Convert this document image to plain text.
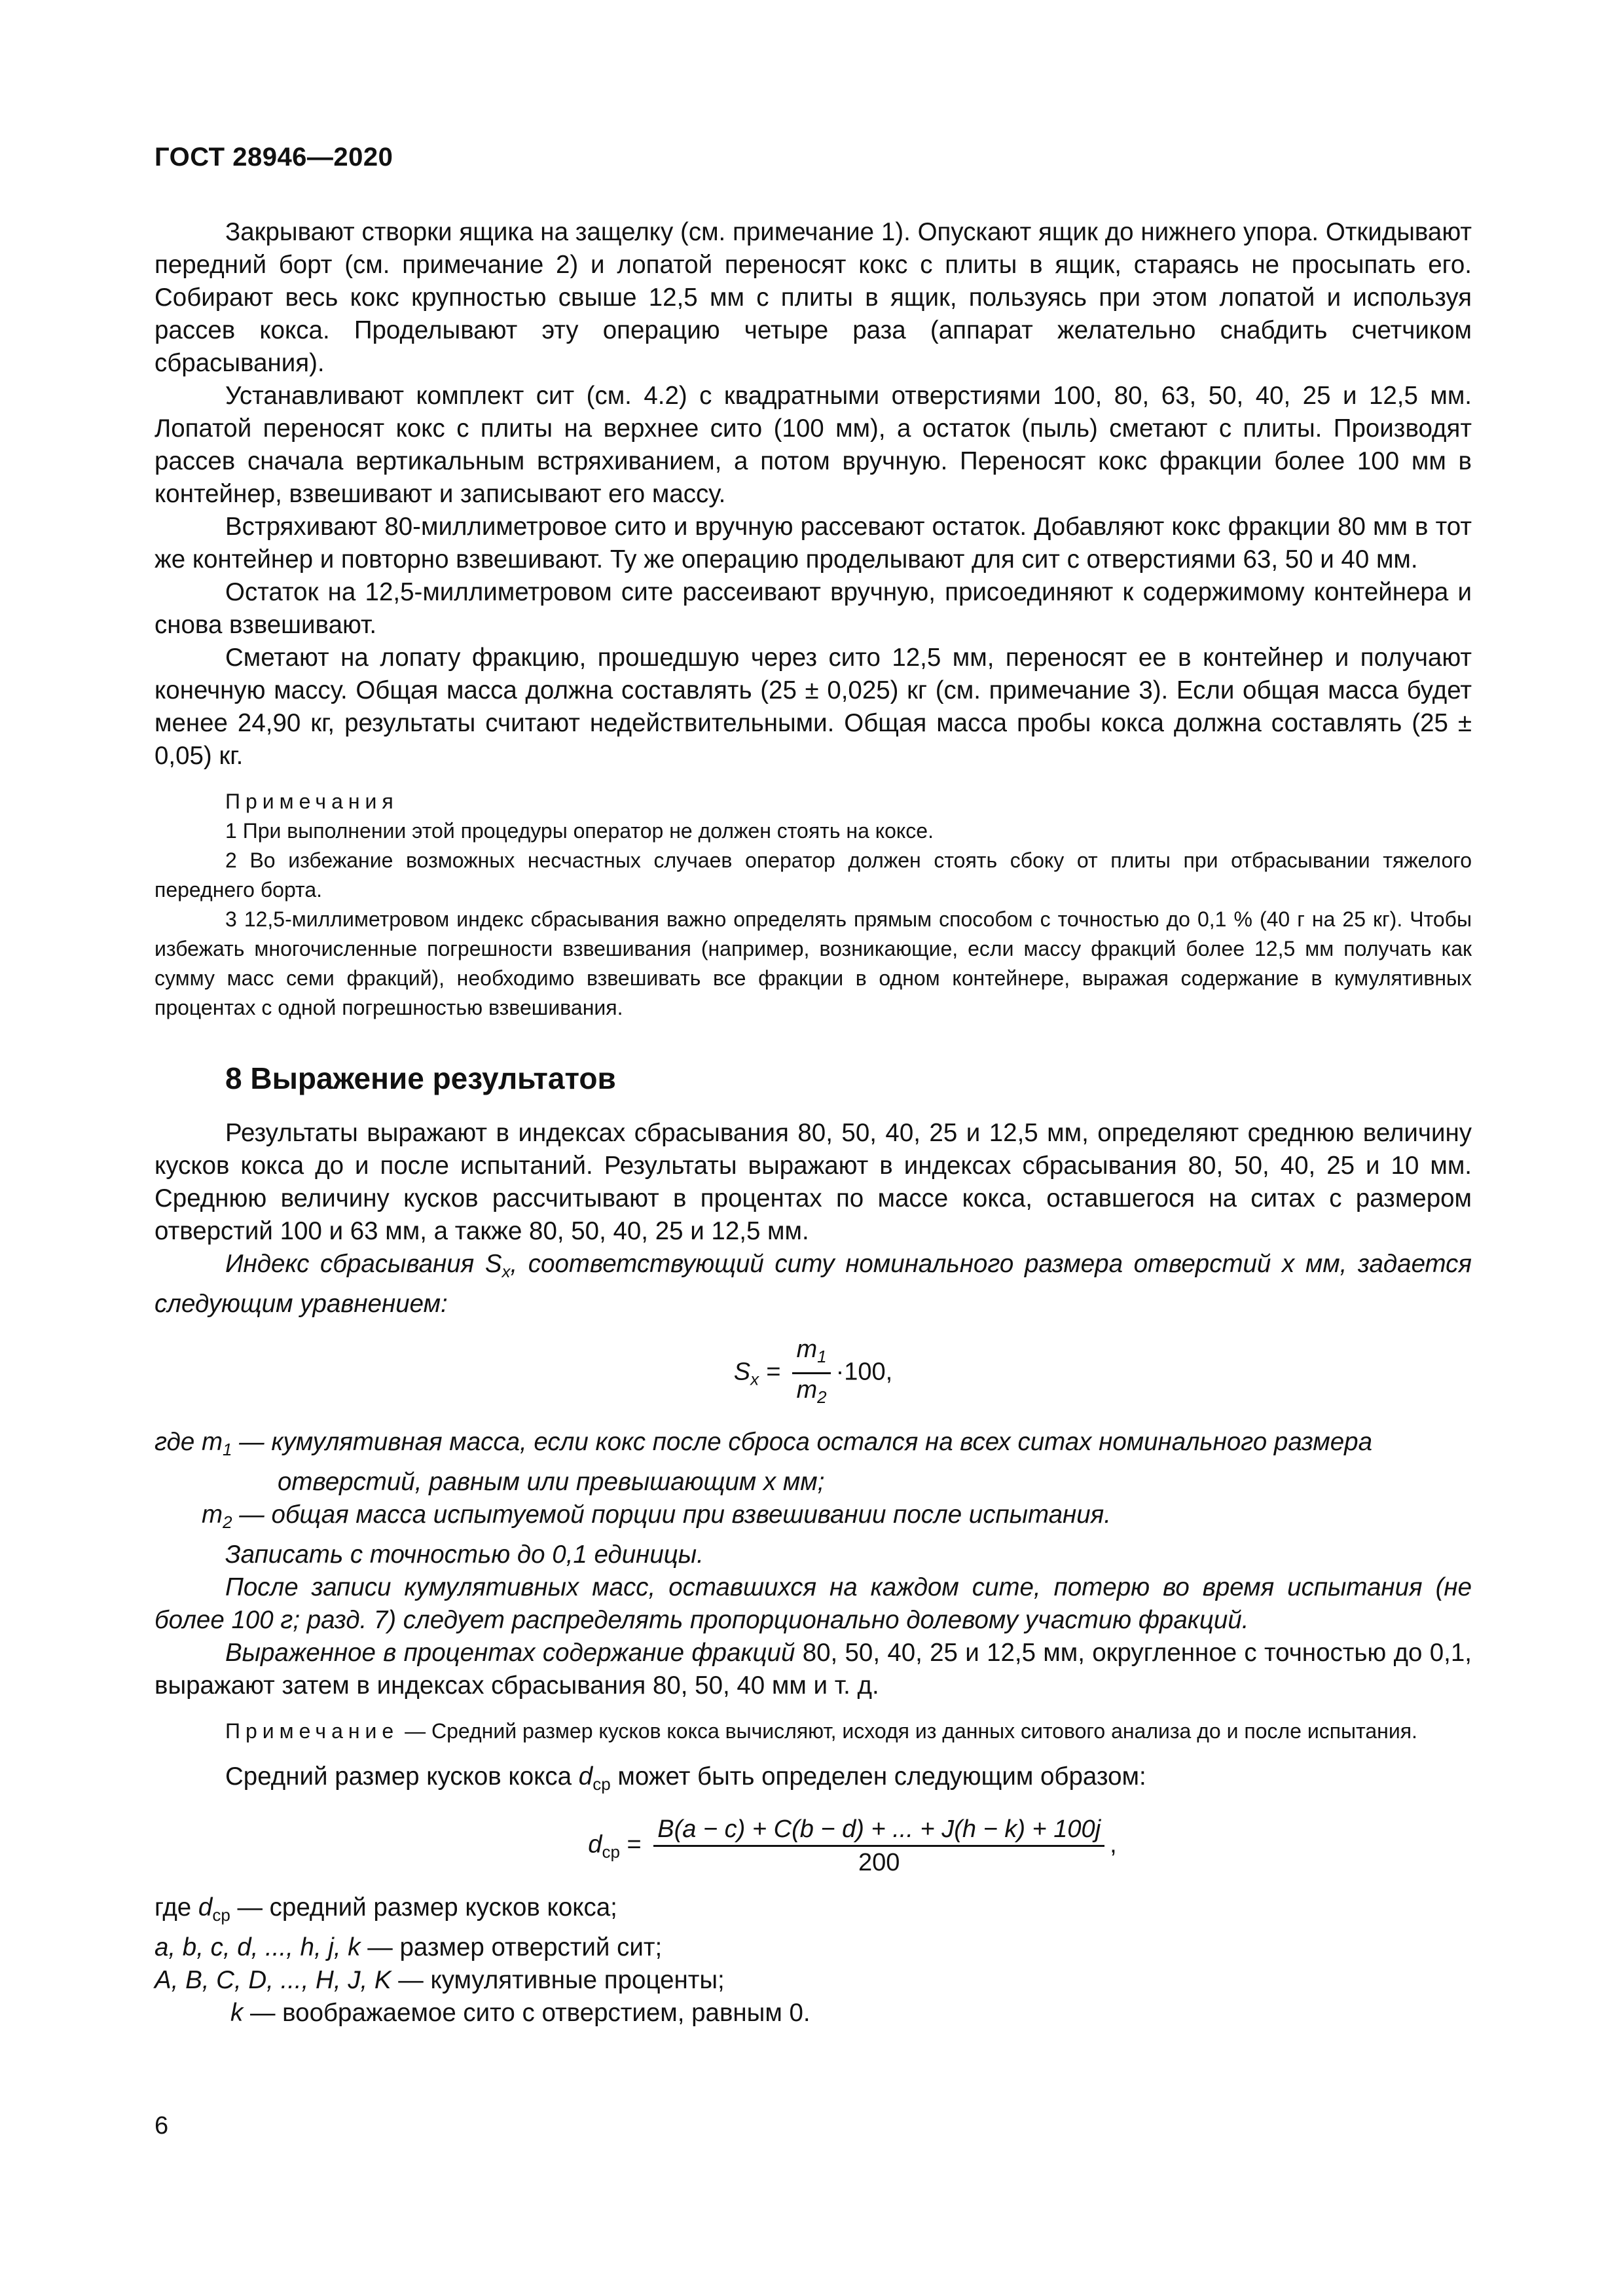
ГОСТ 28946—2020

Закрывают створки ящика на защелку (см. примечание 1). Опускают ящик до нижнего упора. Откидывают передний борт (см. примечание 2) и лопатой переносят кокс с плиты в ящик, стараясь не просыпать его. Собирают весь кокс крупностью свыше 12,5 мм с плиты в ящик, пользуясь при этом лопатой и используя рассев кокса. Проделывают эту операцию четыре раза (аппарат желательно снабдить счетчиком сбрасывания).

Устанавливают комплект сит (см. 4.2) с квадратными отверстиями 100, 80, 63, 50, 40, 25 и 12,5 мм. Лопатой переносят кокс с плиты на верхнее сито (100 мм), а остаток (пыль) сметают с плиты. Производят рассев сначала вертикальным встряхиванием, а потом вручную. Переносят кокс фракции более 100 мм в контейнер, взвешивают и записывают его массу.

Встряхивают 80-миллиметровое сито и вручную рассевают остаток. Добавляют кокс фракции 80 мм в тот же контейнер и повторно взвешивают. Ту же операцию проделывают для сит с отверстиями 63, 50 и 40 мм.

Остаток на 12,5-миллиметровом сите рассеивают вручную, присоединяют к содержимому контейнера и снова взвешивают.

Сметают на лопату фракцию, прошедшую через сито 12,5 мм, переносят ее в контейнер и получают конечную массу. Общая масса должна составлять (25 ± 0,025) кг (см. примечание 3). Если общая масса будет менее 24,90 кг, результаты считают недействительными. Общая масса пробы кокса должна составлять (25 ± 0,05) кг.

Примечания

1 При выполнении этой процедуры оператор не должен стоять на коксе.

2 Во избежание возможных несчастных случаев оператор должен стоять сбоку от плиты при отбрасывании тяжелого переднего борта.

3 12,5-миллиметровом индекс сбрасывания важно определять прямым способом с точностью до 0,1 % (40 г на 25 кг). Чтобы избежать многочисленные погрешности взвешивания (например, возникающие, если массу фракций более 12,5 мм получать как сумму масс семи фракций), необходимо взвешивать все фракции в одном контейнере, выражая содержание в кумулятивных процентах с одной погрешностью взвешивания.

8 Выражение результатов

Результаты выражают в индексах сбрасывания 80, 50, 40, 25 и 12,5 мм, определяют среднюю величину кусков кокса до и после испытаний. Результаты выражают в индексах сбрасывания 80, 50, 40, 25 и 10 мм. Среднюю величину кусков рассчитывают в процентах по массе кокса, оставшегося на ситах с размером отверстий 100 и 63 мм, а также 80, 50, 40, 25 и 12,5 мм.

Индекс сбрасывания $S_x$, соответствующий ситу номинального размера отверстий x мм, задается следующим уравнением:

$S_x = \frac{m_1}{m_2} \cdot 100$,

где $m_1$ — кумулятивная масса, если кокс после сброса остался на всех ситах номинального размера отверстий, равным или превышающим x мм;

$m_2$ — общая масса испытуемой порции при взвешивании после испытания.

Записать с точностью до 0,1 единицы.

После записи кумулятивных масс, оставшихся на каждом сите, потерю во время испытания (не более 100 г; разд. 7) следует распределять пропорционально долевому участию фракций.

Выраженное в процентах содержание фракций 80, 50, 40, 25 и 12,5 мм, округленное с точностью до 0,1, выражают затем в индексах сбрасывания 80, 50, 40 мм и т. д.

Примечание — Средний размер кусков кокса вычисляют, исходя из данных ситового анализа до и после испытания.

Средний размер кусков кокса $d_{ср}$ может быть определен следующим образом:

$d_{ср} = \frac{B(a - c) + C(b - d) + ... + J(h - k) + 100j}{200}$ ,

где $d_{ср}$ — средний размер кусков кокса;

a, b, c, d, ..., h, j, k — размер отверстий сит;

A, B, C, D, ..., H, J, K — кумулятивные проценты;

k — воображаемое сито с отверстием, равным 0.

6
